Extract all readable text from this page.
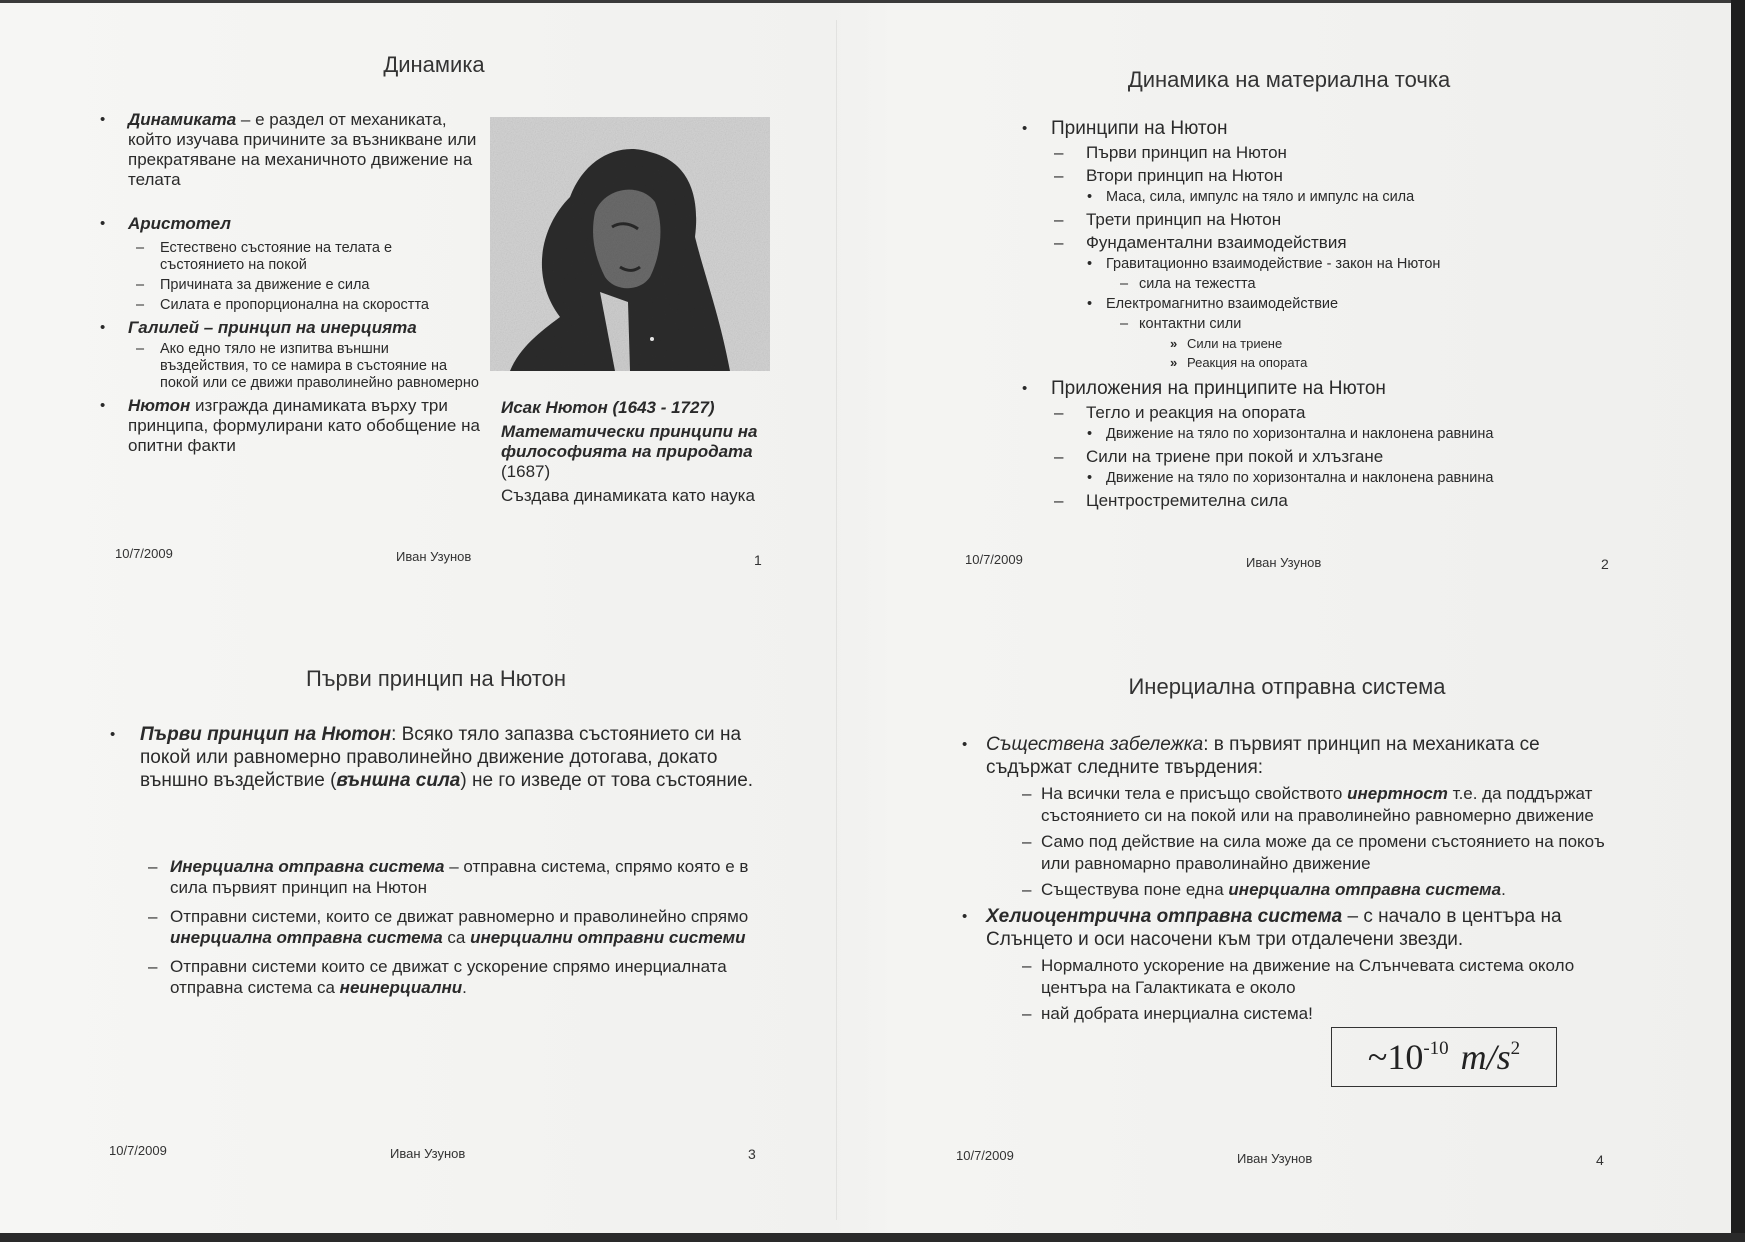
Динамика
• Динамиката – е раздел от механиката, който изучава причините за възникване или прекратяване на механичното движение на телата
• Аристотел
– Естествено състояние на телата е състоянието на покой
– Причината за движение е сила
– Силата е пропорционална на скоростта
• Галилей – принцип на инерцията
– Ако едно тяло не изпитва външни въздействия, то се намира в състояние на покой или се движи праволинейно равномерно
• Нютон изгражда динамиката върху три принципа, формулирани като обобщение на опитни факти

Исак Нютон (1643 - 1727)

Математически принципи на философията на природата (1687)

Създава динамиката като наука

10/7/2009	Иван Узунов	1
Динамика на материална точка
• Принципи на Нютон
– Първи принцип на Нютон
– Втори принцип на Нютон
• Маса, сила, импулс на тяло и импулс на сила
– Трети принцип на Нютон
– Фундаментални взаимодействия
• Гравитационно взаимодействие - закон на Нютон
– сила на тежестта
• Електромагнитно взаимодействие
– контактни сили
» Сили на триене
» Реакция на опората
• Приложения на принципите на Нютон
– Тегло и реакция на опората
• Движение на тяло по хоризонтална и наклонена равнина
– Сили на триене при покой и хлъзгане
• Движение на тяло по хоризонтална и наклонена равнина
– Центростремителна сила
10/7/2009	Иван Узунов	2
Първи принцип на Нютон
• Първи принцип на Нютон: Всяко тяло запазва състоянието си на покой или равномерно праволинейно движение дотогава, докато външно въздействие (външна сила) не го изведе от това състояние.
– Инерциална отправна система – отправна система, спрямо която е в сила първият принцип на Нютон
– Отправни системи, които се движат равномерно и праволинейно спрямо инерциална отправна система са инерциални отправни системи
– Отправни системи които се движат с ускорение спрямо инерциалната отправна система са неинерциални.
10/7/2009	Иван Узунов	3
Инерциална отправна система
• Съществена забележка: в първият принцип на механиката се съдържат следните твърдения:
– На всички тела е присъщо свойството инертност т.е. да поддържат състоянието си на покой или на праволинейно равномерно движение
– Само под действие на сила може да се промени състоянието на покоъ или равномарно праволинайно движение
– Съществува поне една инерциална отправна система.
• Хелиоцентрична отправна система – с начало в центъра на Слънцето и оси насочени към три отдалечени звезди.
– Нормалното ускорение на движение на Слънчевата система около центъра на Галактиката е около
– най добрата инерциална система!
~ $10^{-10}$ $m/s^2$
10/7/2009	Иван Узунов	4
